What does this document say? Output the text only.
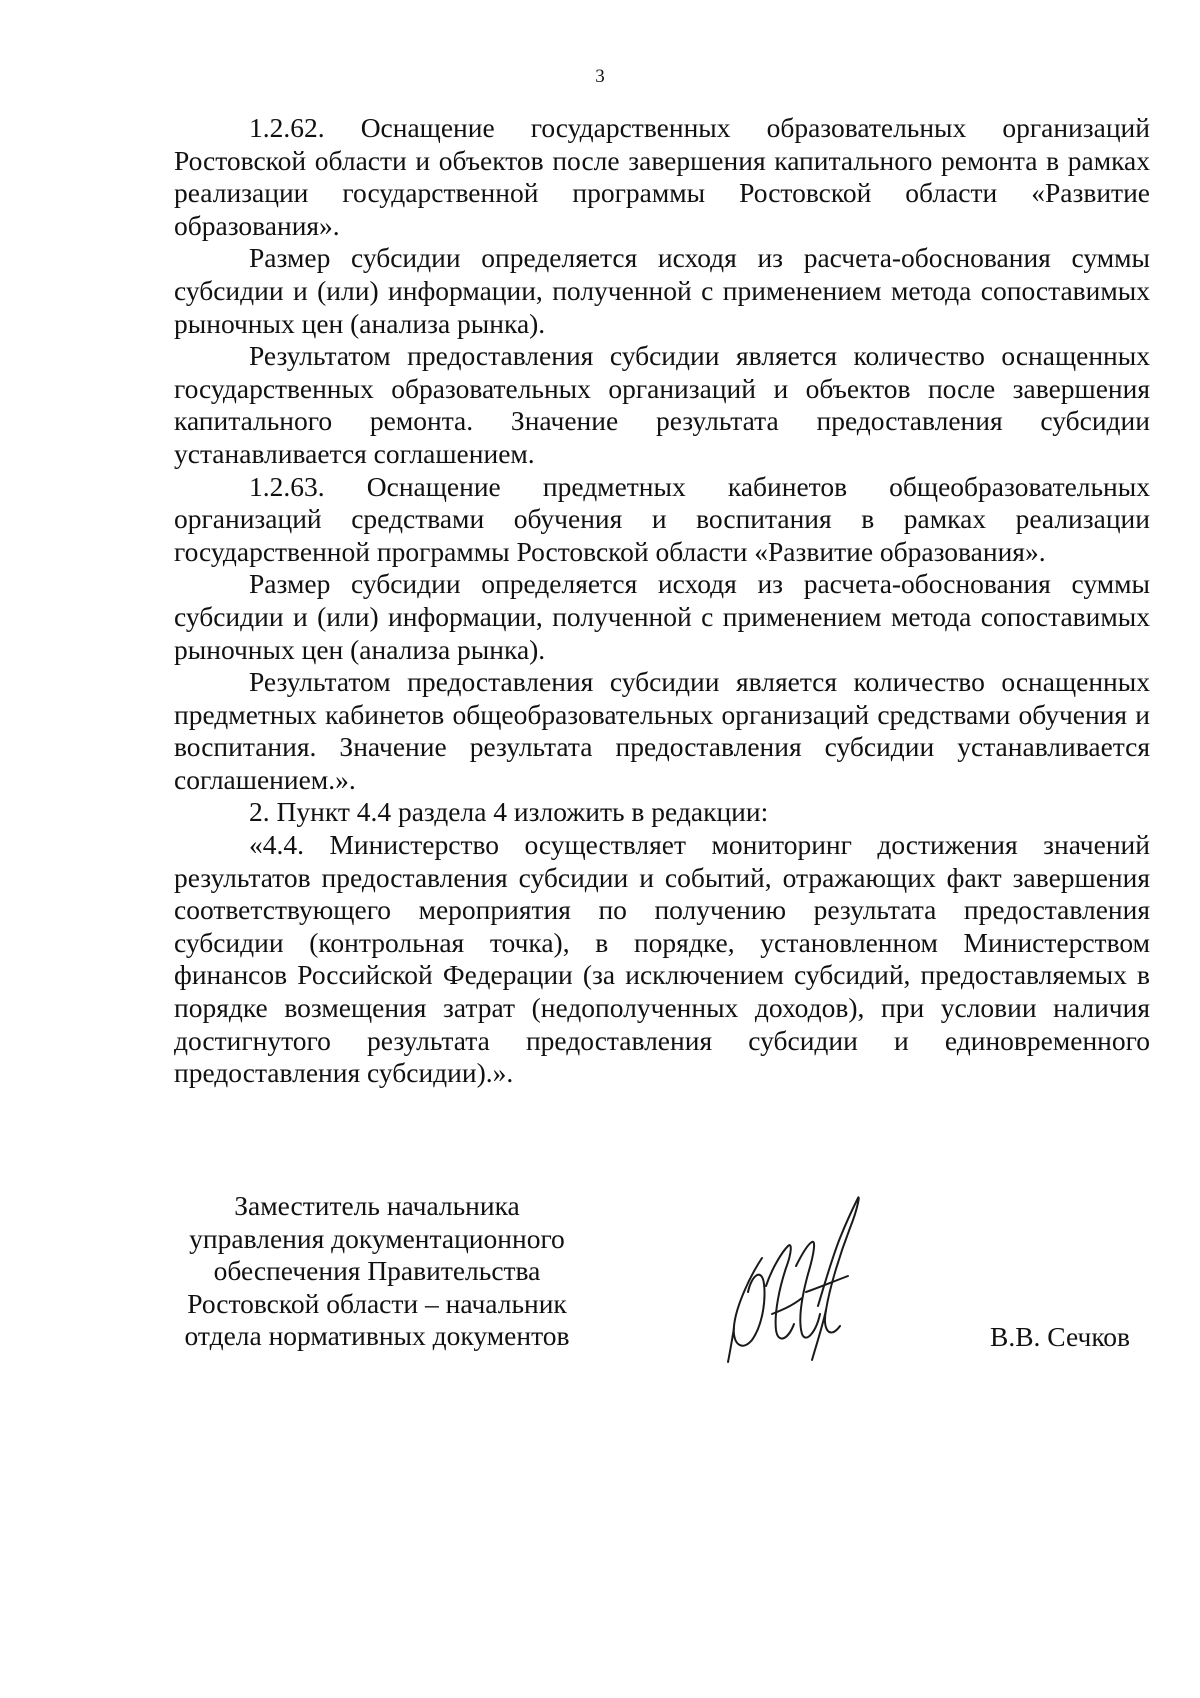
3

1.2.62. Оснащение государственных образовательных организаций Ростовской области и объектов после завершения капитального ремонта в рамках реализации государственной программы Ростовской области «Развитие образования».

Размер субсидии определяется исходя из расчета-обоснования суммы субсидии и (или) информации, полученной с применением метода сопоставимых рыночных цен (анализа рынка).

Результатом предоставления субсидии является количество оснащенных государственных образовательных организаций и объектов после завершения капитального ремонта. Значение результата предоставления субсидии устанавливается соглашением.

1.2.63. Оснащение предметных кабинетов общеобразовательных организаций средствами обучения и воспитания в рамках реализации государственной программы Ростовской области «Развитие образования».

Размер субсидии определяется исходя из расчета-обоснования суммы субсидии и (или) информации, полученной с применением метода сопоставимых рыночных цен (анализа рынка).

Результатом предоставления субсидии является количество оснащенных предметных кабинетов общеобразовательных организаций средствами обучения и воспитания. Значение результата предоставления субсидии устанавливается соглашением.».

2. Пункт 4.4 раздела 4 изложить в редакции:

«4.4. Министерство осуществляет мониторинг достижения значений результатов предоставления субсидии и событий, отражающих факт завершения соответствующего мероприятия по получению результата предоставления субсидии (контрольная точка), в порядке, установленном Министерством финансов Российской Федерации (за исключением субсидий, предоставляемых в порядке возмещения затрат (недополученных доходов), при условии наличия достигнутого результата предоставления субсидии и единовременного предоставления субсидии).».

Заместитель начальника
управления документационного
обеспечения Правительства
Ростовской области – начальник
отдела нормативных документов	В.В. Сечков
